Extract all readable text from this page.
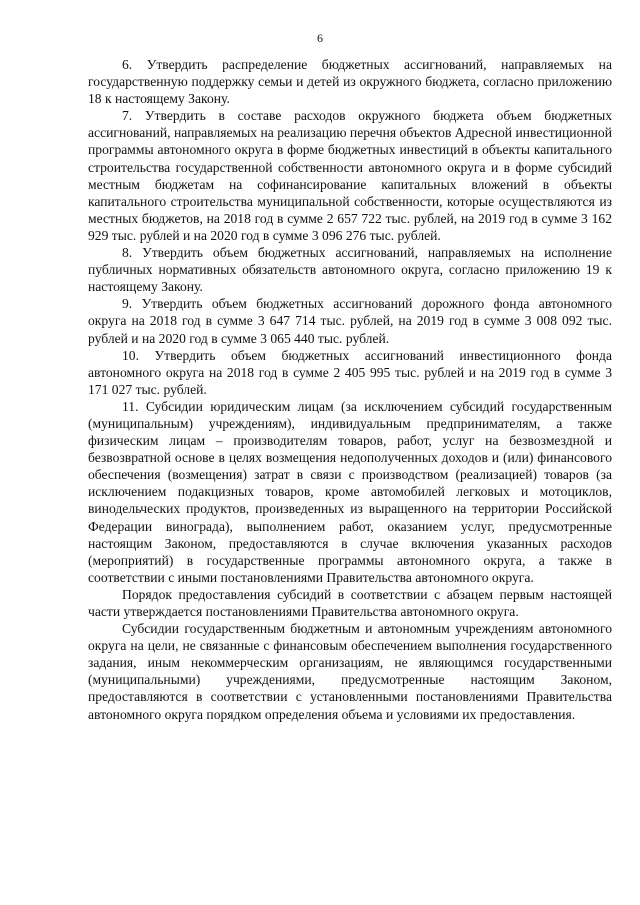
6

6. Утвердить распределение бюджетных ассигнований, направляемых на государственную поддержку семьи и детей из окружного бюджета, согласно приложению 18 к настоящему Закону.

7. Утвердить в составе расходов окружного бюджета объем бюджетных ассигнований, направляемых на реализацию перечня объектов Адресной инвестиционной программы автономного округа в форме бюджетных инвестиций в объекты капитального строительства государственной собственности автономного округа и в форме субсидий местным бюджетам на софинансирование капитальных вложений в объекты капитального строительства муниципальной собственности, которые осуществляются из местных бюджетов, на 2018 год в сумме 2 657 722 тыс. рублей, на 2019 год в сумме 3 162 929 тыс. рублей и на 2020 год в сумме 3 096 276 тыс. рублей.

8. Утвердить объем бюджетных ассигнований, направляемых на исполнение публичных нормативных обязательств автономного округа, согласно приложению 19 к настоящему Закону.

9. Утвердить объем бюджетных ассигнований дорожного фонда автономного округа на 2018 год в сумме 3 647 714 тыс. рублей, на 2019 год в сумме 3 008 092 тыс. рублей и на 2020 год в сумме 3 065 440 тыс. рублей.

10. Утвердить объем бюджетных ассигнований инвестиционного фонда автономного округа на 2018 год в сумме 2 405 995 тыс. рублей и на 2019 год в сумме 3 171 027 тыс. рублей.

11. Субсидии юридическим лицам (за исключением субсидий государственным (муниципальным) учреждениям), индивидуальным предпринимателям, а также физическим лицам – производителям товаров, работ, услуг на безвозмездной и безвозвратной основе в целях возмещения недополученных доходов и (или) финансового обеспечения (возмещения) затрат в связи с производством (реализацией) товаров (за исключением подакцизных товаров, кроме автомобилей легковых и мотоциклов, винодельческих продуктов, произведенных из выращенного на территории Российской Федерации винограда), выполнением работ, оказанием услуг, предусмотренные настоящим Законом, предоставляются в случае включения указанных расходов (мероприятий) в государственные программы автономного округа, а также в соответствии с иными постановлениями Правительства автономного округа.

Порядок предоставления субсидий в соответствии с абзацем первым настоящей части утверждается постановлениями Правительства автономного округа.

Субсидии государственным бюджетным и автономным учреждениям автономного округа на цели, не связанные с финансовым обеспечением выполнения государственного задания, иным некоммерческим организациям, не являющимся государственными (муниципальными) учреждениями, предусмотренные настоящим Законом, предоставляются в соответствии с установленными постановлениями Правительства автономного округа порядком определения объема и условиями их предоставления.
